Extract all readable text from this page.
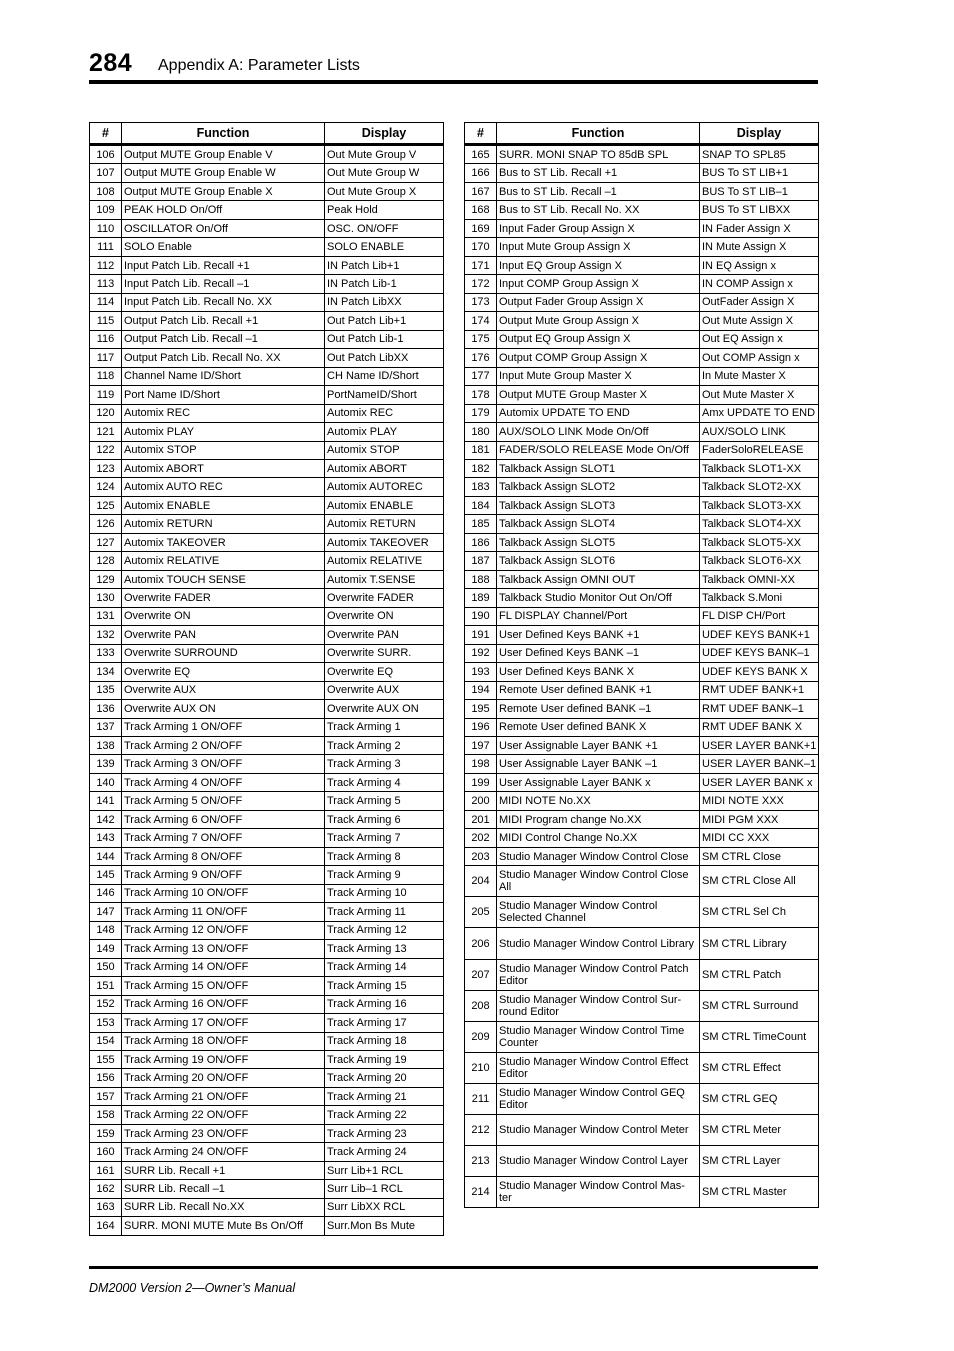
284 Appendix A: Parameter Lists
#	Function	Display
106	Output MUTE Group Enable V	Out Mute Group V
107	Output MUTE Group Enable W	Out Mute Group W
108	Output MUTE Group Enable X	Out Mute Group X
109	PEAK HOLD On/Off	Peak Hold
110	OSCILLATOR On/Off	OSC. ON/OFF
111	SOLO Enable	SOLO ENABLE
112	Input Patch Lib. Recall +1	IN Patch Lib+1
113	Input Patch Lib. Recall –1	IN Patch Lib-1
114	Input Patch Lib. Recall No. XX	IN Patch LibXX
115	Output Patch Lib. Recall +1	Out Patch Lib+1
116	Output Patch Lib. Recall –1	Out Patch Lib-1
117	Output Patch Lib. Recall No. XX	Out Patch LibXX
118	Channel Name ID/Short	CH Name ID/Short
119	Port Name ID/Short	PortNameID/Short
120	Automix REC	Automix REC
121	Automix PLAY	Automix PLAY
122	Automix STOP	Automix STOP
123	Automix ABORT	Automix ABORT
124	Automix AUTO REC	Automix AUTOREC
125	Automix ENABLE	Automix ENABLE
126	Automix RETURN	Automix RETURN
127	Automix TAKEOVER	Automix TAKEOVER
128	Automix RELATIVE	Automix RELATIVE
129	Automix TOUCH SENSE	Automix T.SENSE
130	Overwrite FADER	Overwrite FADER
131	Overwrite ON	Overwrite ON
132	Overwrite PAN	Overwrite PAN
133	Overwrite SURROUND	Overwrite SURR.
134	Overwrite EQ	Overwrite EQ
135	Overwrite AUX	Overwrite AUX
136	Overwrite AUX ON	Overwrite AUX ON
137	Track Arming 1 ON/OFF	Track Arming 1
138	Track Arming 2 ON/OFF	Track Arming 2
139	Track Arming 3 ON/OFF	Track Arming 3
140	Track Arming 4 ON/OFF	Track Arming 4
141	Track Arming 5 ON/OFF	Track Arming 5
142	Track Arming 6 ON/OFF	Track Arming 6
143	Track Arming 7 ON/OFF	Track Arming 7
144	Track Arming 8 ON/OFF	Track Arming 8
145	Track Arming 9 ON/OFF	Track Arming 9
146	Track Arming 10 ON/OFF	Track Arming 10
147	Track Arming 11 ON/OFF	Track Arming 11
148	Track Arming 12 ON/OFF	Track Arming 12
149	Track Arming 13 ON/OFF	Track Arming 13
150	Track Arming 14 ON/OFF	Track Arming 14
151	Track Arming 15 ON/OFF	Track Arming 15
152	Track Arming 16 ON/OFF	Track Arming 16
153	Track Arming 17 ON/OFF	Track Arming 17
154	Track Arming 18 ON/OFF	Track Arming 18
155	Track Arming 19 ON/OFF	Track Arming 19
156	Track Arming 20 ON/OFF	Track Arming 20
157	Track Arming 21 ON/OFF	Track Arming 21
158	Track Arming 22 ON/OFF	Track Arming 22
159	Track Arming 23 ON/OFF	Track Arming 23
160	Track Arming 24 ON/OFF	Track Arming 24
161	SURR Lib. Recall +1	Surr Lib+1 RCL
162	SURR Lib. Recall –1	Surr Lib–1 RCL
163	SURR Lib. Recall No.XX	Surr LibXX RCL
164	SURR. MONI MUTE Mute Bs On/Off	Surr.Mon Bs Mute
#	Function	Display
165	SURR. MONI SNAP TO 85dB SPL	SNAP TO SPL85
166	Bus to ST Lib. Recall +1	BUS To ST LIB+1
167	Bus to ST Lib. Recall –1	BUS To ST LIB–1
168	Bus to ST Lib. Recall No. XX	BUS To ST LIBXX
169	Input Fader Group Assign X	IN Fader Assign X
170	Input Mute Group Assign X	IN Mute Assign X
171	Input EQ Group Assign X	IN EQ Assign x
172	Input COMP Group Assign X	IN COMP Assign x
173	Output Fader Group Assign X	OutFader Assign X
174	Output Mute Group Assign X	Out Mute Assign X
175	Output EQ Group Assign X	Out EQ Assign x
176	Output COMP Group Assign X	Out COMP Assign x
177	Input Mute Group Master X	In Mute Master X
178	Output MUTE Group Master X	Out Mute Master X
179	Automix UPDATE TO END	Amx UPDATE TO END
180	AUX/SOLO LINK Mode On/Off	AUX/SOLO LINK
181	FADER/SOLO RELEASE Mode On/Off	FaderSoloRELEASE
182	Talkback Assign SLOT1	Talkback SLOT1-XX
183	Talkback Assign SLOT2	Talkback SLOT2-XX
184	Talkback Assign SLOT3	Talkback SLOT3-XX
185	Talkback Assign SLOT4	Talkback SLOT4-XX
186	Talkback Assign SLOT5	Talkback SLOT5-XX
187	Talkback Assign SLOT6	Talkback SLOT6-XX
188	Talkback Assign OMNI OUT	Talkback OMNI-XX
189	Talkback Studio Monitor Out On/Off	Talkback S.Moni
190	FL DISPLAY Channel/Port	FL DISP CH/Port
191	User Defined Keys BANK +1	UDEF KEYS BANK+1
192	User Defined Keys BANK –1	UDEF KEYS BANK–1
193	User Defined Keys BANK X	UDEF KEYS BANK X
194	Remote User defined BANK +1	RMT UDEF BANK+1
195	Remote User defined BANK –1	RMT UDEF BANK–1
196	Remote User defined BANK X	RMT UDEF BANK X
197	User Assignable Layer BANK +1	USER LAYER BANK+1
198	User Assignable Layer BANK –1	USER LAYER BANK–1
199	User Assignable Layer BANK x	USER LAYER BANK x
200	MIDI NOTE No.XX	MIDI NOTE XXX
201	MIDI Program change No.XX	MIDI PGM XXX
202	MIDI Control Change No.XX	MIDI CC XXX
203	Studio Manager Window Control Close	SM CTRL Close
204	Studio Manager Window Control Close All	SM CTRL Close All
205	Studio Manager Window Control Selected Channel	SM CTRL Sel Ch
206	Studio Manager Window Control Library	SM CTRL Library
207	Studio Manager Window Control Patch Editor	SM CTRL Patch
208	Studio Manager Window Control Sur-round Editor	SM CTRL Surround
209	Studio Manager Window Control Time Counter	SM CTRL TimeCount
210	Studio Manager Window Control Effect Editor	SM CTRL Effect
211	Studio Manager Window Control GEQ Editor	SM CTRL GEQ
212	Studio Manager Window Control Meter	SM CTRL Meter
213	Studio Manager Window Control Layer	SM CTRL Layer
214	Studio Manager Window Control Mas-ter	SM CTRL Master
DM2000 Version 2—Owner’s Manual
